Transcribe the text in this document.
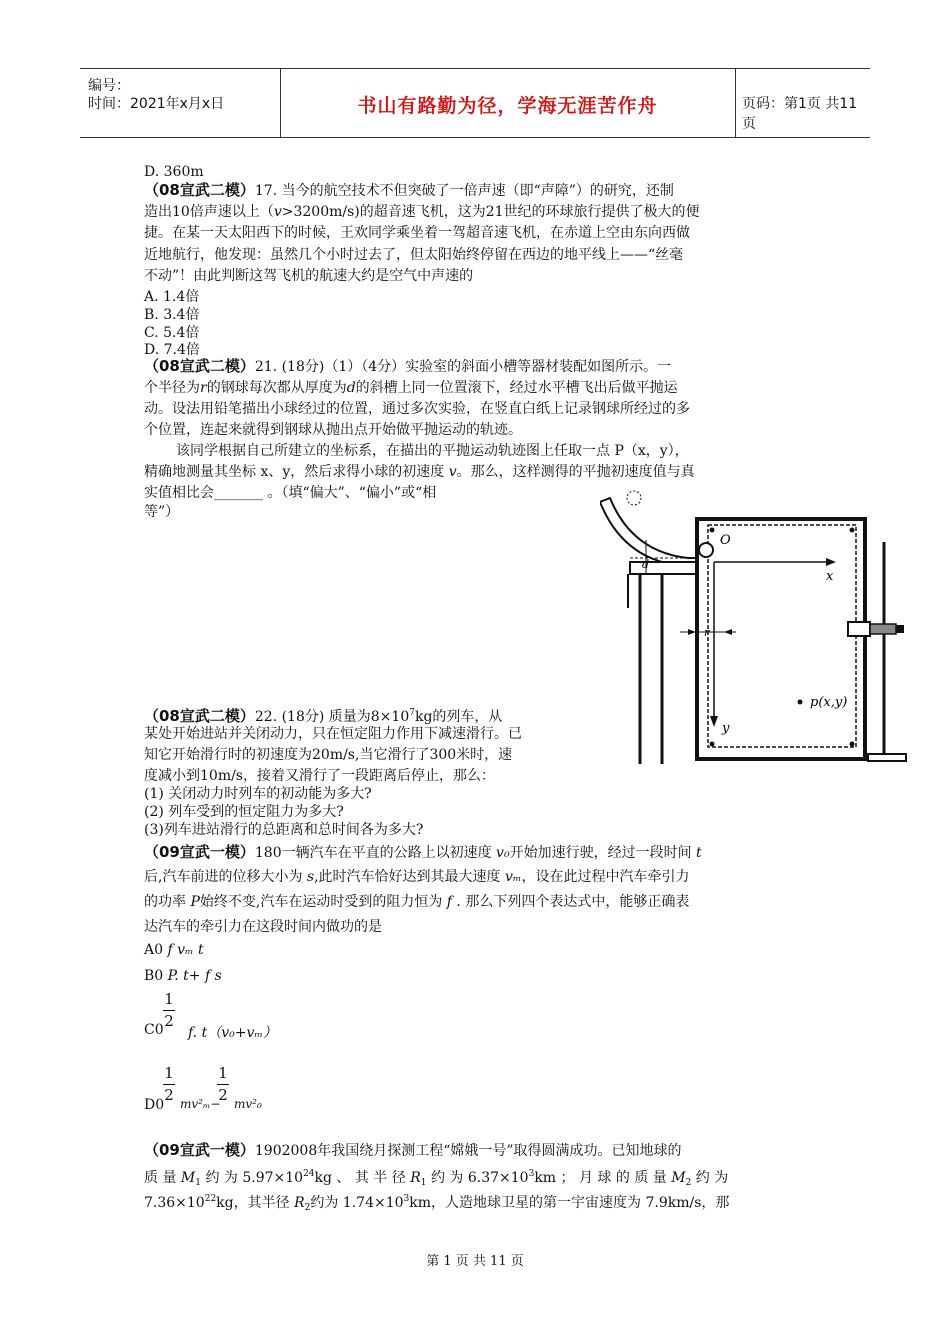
编号：
时间：2021年x月x日	书山有路勤为径，学海无涯苦作舟	页码：第1页 共11页
D. 360m
（08宣武二模）17. 当今的航空技术不但突破了一倍声速（即“声障”）的研究，还制
造出10倍声速以上（v>3200m/s)的超音速飞机，这为21世纪的环球旅行提供了极大的便
捷。在某一天太阳西下的时候，王欢同学乘坐着一驾超音速飞机，在赤道上空由东向西做
近地航行，他发现：虽然几个小时过去了，但太阳始终停留在西边的地平线上——“丝毫
不动”！由此判断这驾飞机的航速大约是空气中声速的
A. 1.4倍
B. 3.4倍
C. 5.4倍
D. 7.4倍
（08宣武二模）21. (18分)（1）（4分）实验室的斜面小槽等器材装配如图所示。一
个半径为r的钢球每次都从厚度为d的斜槽上同一位置滚下，经过水平槽飞出后做平抛运
动。设法用铅笔描出小球经过的位置，通过多次实验，在竖直白纸上记录钢球所经过的多
个位置，连起来就得到钢球从抛出点开始做平抛运动的轨迹。
该同学根据自己所建立的坐标系，在描出的平抛运动轨迹图上任取一点 P（x，y），
精确地测量其坐标 x、y，然后求得小球的初速度 v。那么，这样测得的平抛初速度值与真
实值相比会_______ 。（填“偏大”、“偏小”或“相
等”）
d
O
x
y
r
p(x,y)
（08宣武二模）22. (18分) 质量为$8\times 10^7kg$的列车，从
某处开始进站并关闭动力，只在恒定阻力作用下减速滑行。已
知它开始滑行时的初速度为20m/s,当它滑行了300米时，速
度减小到10m/s，接着又滑行了一段距离后停止，那么：
(1) 关闭动力时列车的初动能为多大?
(2) 列车受到的恒定阻力为多大?
(3)列车进站滑行的总距离和总时间各为多大?
（09宣武一模）180一辆汽车在平直的公路上以初速度 v₀开始加速行驶，经过一段时间 t
后,汽车前进的位移大小为 s,此时汽车恰好达到其最大速度 vₘ，设在此过程中汽车牵引力
的功率 P始终不变,汽车在运动时受到的阻力恒为 f . 那么下列四个表达式中，能够正确表
达汽车的牵引力在这段时间内做功的是
A0 f vₘ t
B0 P. t+ f s
1
2
C0 f. t（v₀+vₘ）
1
2
1
2
D0 mv²ₘ− mv²₀
（09宣武一模）1902008年我国绕月探测工程“嫦娥一号”取得圆满成功。已知地球的
质 量 $M_1$ 约 为 $5.97\times 10^{24}kg$ 、 其 半 径 $R_1$ 约 为 $6.37\times 10^3km$ ； 月 球 的 质 量 $M_2$ 约 为
$7.36\times 10^{22}kg$，其半径 $R_2$约为 $1.74\times 10^3km$，人造地球卫星的第一宇宙速度为 7.9km/s，那
第 1 页 共 11 页
